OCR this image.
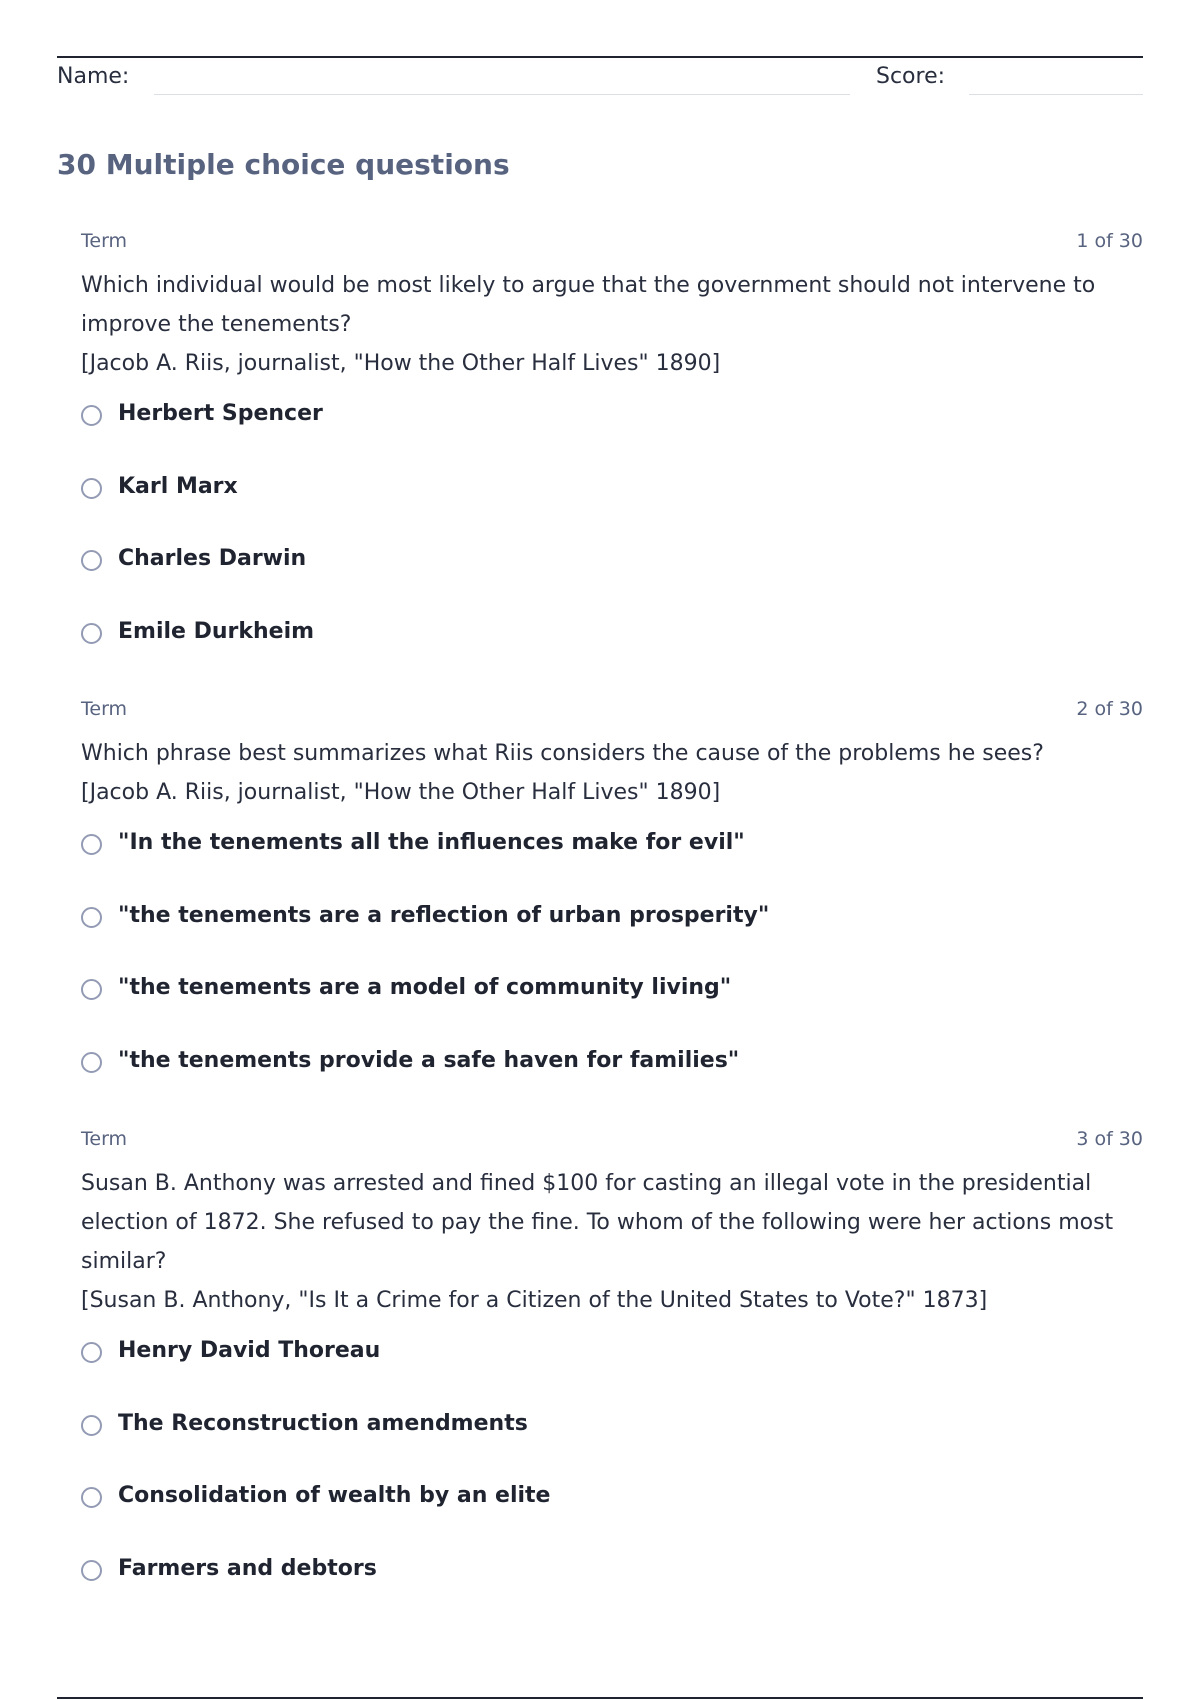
Name:	Score:
30 Multiple choice questions
Term	1 of 30
Which individual would be most likely to argue that the government should not intervene to improve the tenements?
[Jacob A. Riis, journalist, "How the Other Half Lives" 1890]
Herbert Spencer
Karl Marx
Charles Darwin
Emile Durkheim
Term	2 of 30
Which phrase best summarizes what Riis considers the cause of the problems he sees?
[Jacob A. Riis, journalist, "How the Other Half Lives" 1890]
"In the tenements all the influences make for evil"
"the tenements are a reflection of urban prosperity"
"the tenements are a model of community living"
"the tenements provide a safe haven for families"
Term	3 of 30
Susan B. Anthony was arrested and fined $100 for casting an illegal vote in the presidential election of 1872. She refused to pay the fine. To whom of the following were her actions most similar?
[Susan B. Anthony, "Is It a Crime for a Citizen of the United States to Vote?" 1873]
Henry David Thoreau
The Reconstruction amendments
Consolidation of wealth by an elite
Farmers and debtors
